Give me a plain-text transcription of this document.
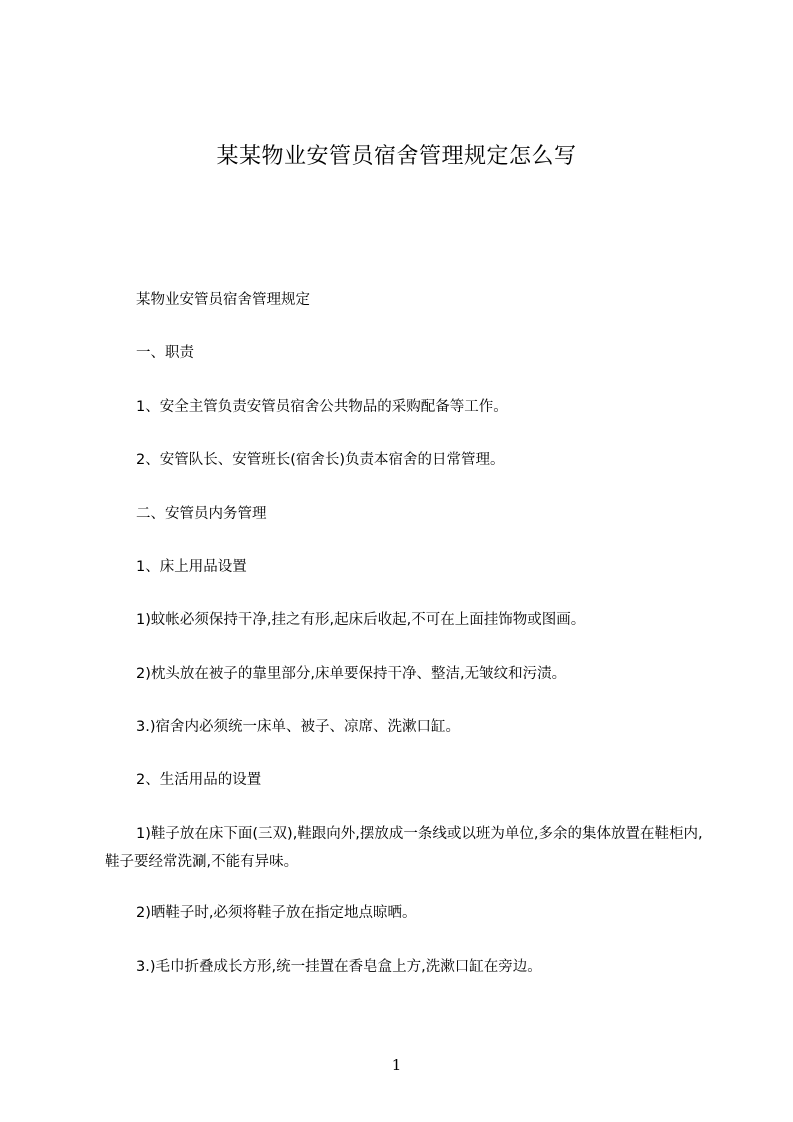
某某物业安管员宿舍管理规定怎么写
某物业安管员宿舍管理规定
一、职责
1、安全主管负责安管员宿舍公共物品的采购配备等工作。
2、安管队长、安管班长(宿舍长)负责本宿舍的日常管理。
二、安管员内务管理
1、床上用品设置
1)蚊帐必须保持干净,挂之有形,起床后收起,不可在上面挂饰物或图画。
2)枕头放在被子的靠里部分,床单要保持干净、整洁,无皱纹和污渍。
3.)宿舍内必须统一床单、被子、凉席、洗漱口缸。
2、生活用品的设置
1)鞋子放在床下面(三双),鞋跟向外,摆放成一条线或以班为单位,多余的集体放置在鞋柜内,鞋子要经常洗涮,不能有异味。
2)晒鞋子时,必须将鞋子放在指定地点晾晒。
3.)毛巾折叠成长方形,统一挂置在香皂盒上方,洗漱口缸在旁边。
1
